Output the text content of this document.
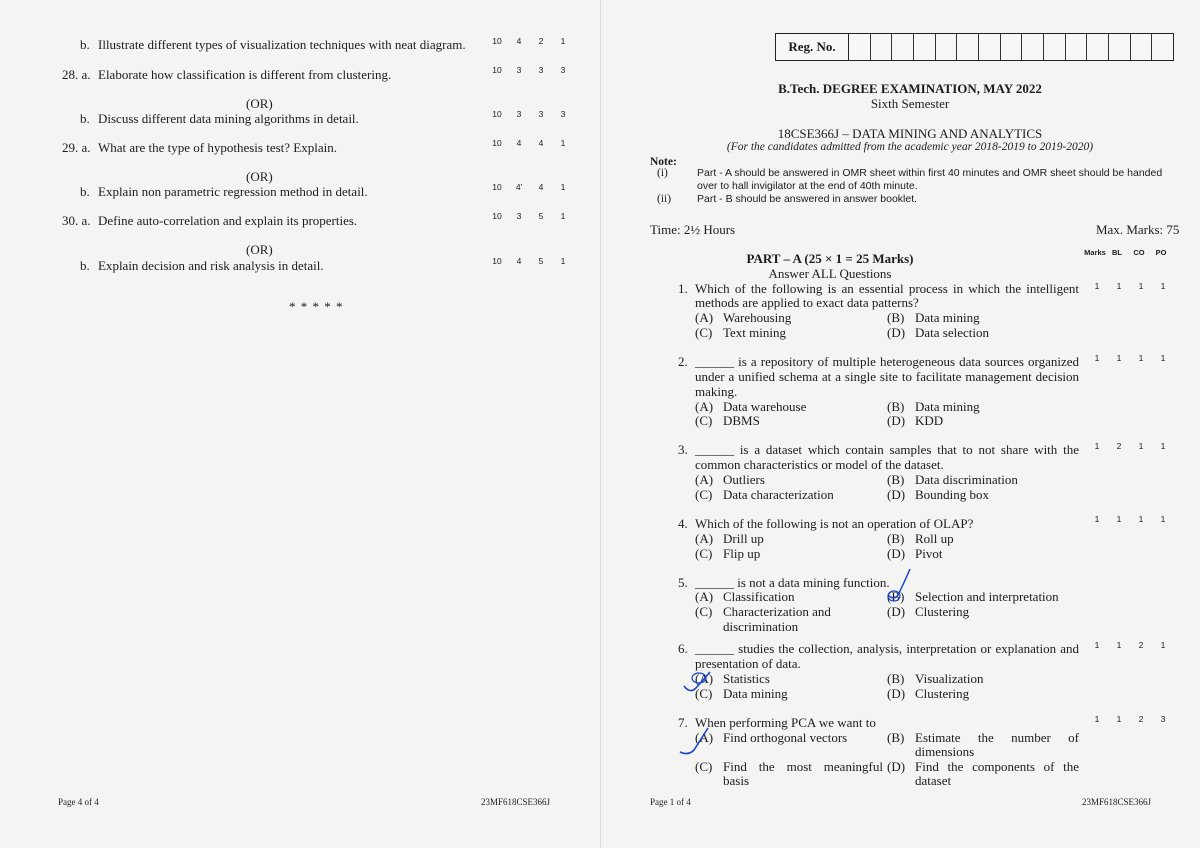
b. Illustrate different types of visualization techniques with neat diagram.	10	4	2	1
28. a. Elaborate how classification is different from clustering.	10	3	3	3
(OR)
b. Discuss different data mining algorithms in detail.	10	3	3	3
29. a. What are the type of hypothesis test? Explain.	10	4	4	1
(OR)
b. Explain non parametric regression method in detail.	10	4'	4	1
30. a. Define auto-correlation and explain its properties.	10	3	5	1
(OR)
b. Explain decision and risk analysis in detail.	10	4	5	1
* * * * *
Page 4 of 4	23MF618CSE366J
Reg. No.
B.Tech. DEGREE EXAMINATION, MAY 2022
Sixth Semester
18CSE366J – DATA MINING AND ANALYTICS
(For the candidates admitted from the academic year 2018-2019 to 2019-2020)
Note:
(i)	Part - A should be answered in OMR sheet within first 40 minutes and OMR sheet should be handed
over to hall invigilator at the end of 40th minute.
(ii) Part - B should be answered in answer booklet.
Time: 2½ Hours	Max. Marks: 75
Marks BL	CO	PO
PART – A (25 × 1 = 25 Marks)
Answer ALL Questions
1. Which of the following is an essential process in which the intelligent
methods are applied to exact data patterns?
(A) Warehousing	(B) Data mining
(C) Text mining	(D) Data selection
1	1	1	1
2. ______ is a repository of multiple heterogeneous data sources organized
under a unified schema at a single site to facilitate management decision
making.
(A) Data warehouse	(B) Data mining
(C) DBMS	(D) KDD
1	1	1	1
3. ______ is a dataset which contain samples that to not share with the
common characteristics or model of the dataset.
(A) Outliers	(B) Data discrimination
(C) Data characterization	(D) Bounding box
1	2	1	1
4. Which of the following is not an operation of OLAP?
(A) Drill up	(B) Roll up
(C) Flip up	(D) Pivot
1	1	1	1
5. ______ is not a data mining function.
(A) Classification	(B) Selection and interpretation
(C) Characterization and	(D) Clustering
discrimination
6. ______ studies the collection, analysis, interpretation or explanation and
presentation of data.
(A) Statistics	(B) Visualization
(C) Data mining	(D) Clustering
1	1	2	1
7. When performing PCA we want to
(A) Find orthogonal vectors	(B) Estimate the number of
dimensions
(C) Find the most meaningful (D) Find the components of the
basis	dataset
1	1	2	3
Page 1 of 4	23MF618CSE366J
